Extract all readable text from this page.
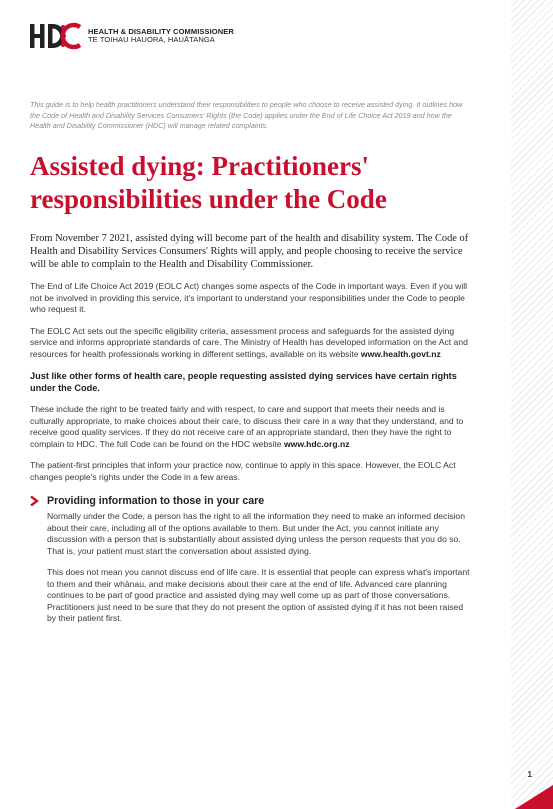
1
HEALTH & DISABILITY COMMISSIONER
TE TOIHAU HAUORA, HAUĀTANGA

This guide is to help health practitioners understand their responsibilities to people who choose to receive assisted dying. It outlines how the Code of Health and Disability Services Consumers' Rights (the Code) applies under the End of Life Choice Act 2019 and how the Health and Disability Commissioner (HDC) will manage related complaints.

Assisted dying: Practitioners' responsibilities under the Code

From November 7 2021, assisted dying will become part of the health and disability system. The Code of Health and Disability Services Consumers' Rights will apply, and people choosing to receive the service will be able to complain to the Health and Disability Commissioner.

The End of Life Choice Act 2019 (EOLC Act) changes some aspects of the Code in important ways. Even if you will not be involved in providing this service, it's important to understand your responsibilities under the Code to people who request it.

The EOLC Act sets out the specific eligibility criteria, assessment process and safeguards for the assisted dying service and informs appropriate standards of care. The Ministry of Health has developed information on the Act and resources for health professionals working in different settings, available on its website www.health.govt.nz

Just like other forms of health care, people requesting assisted dying services have certain rights under the Code.

These include the right to be treated fairly and with respect, to care and support that meets their needs and is culturally appropriate, to make choices about their care, to discuss their care in a way that they understand, and to receive good quality services. If they do not receive care of an appropriate standard, then they have the right to complain to HDC. The full Code can be found on the HDC website www.hdc.org.nz

The patient-first principles that inform your practice now, continue to apply in this space. However, the EOLC Act changes people's rights under the Code in a few areas.

Providing information to those in your care

Normally under the Code, a person has the right to all the information they need to make an informed decision about their care, including all of the options available to them. But under the Act, you cannot initiate any discussion with a person that is substantially about assisted dying unless the person requests that you do so. That is, your patient must start the conversation about assisted dying.

This does not mean you cannot discuss end of life care. It is essential that people can express what's important to them and their whānau, and make decisions about their care at the end of life. Advanced care planning continues to be part of good practice and assisted dying may well come up as part of those conversations. Practitioners just need to be sure that they do not present the option of assisted dying if it has not been raised by their patient first.
